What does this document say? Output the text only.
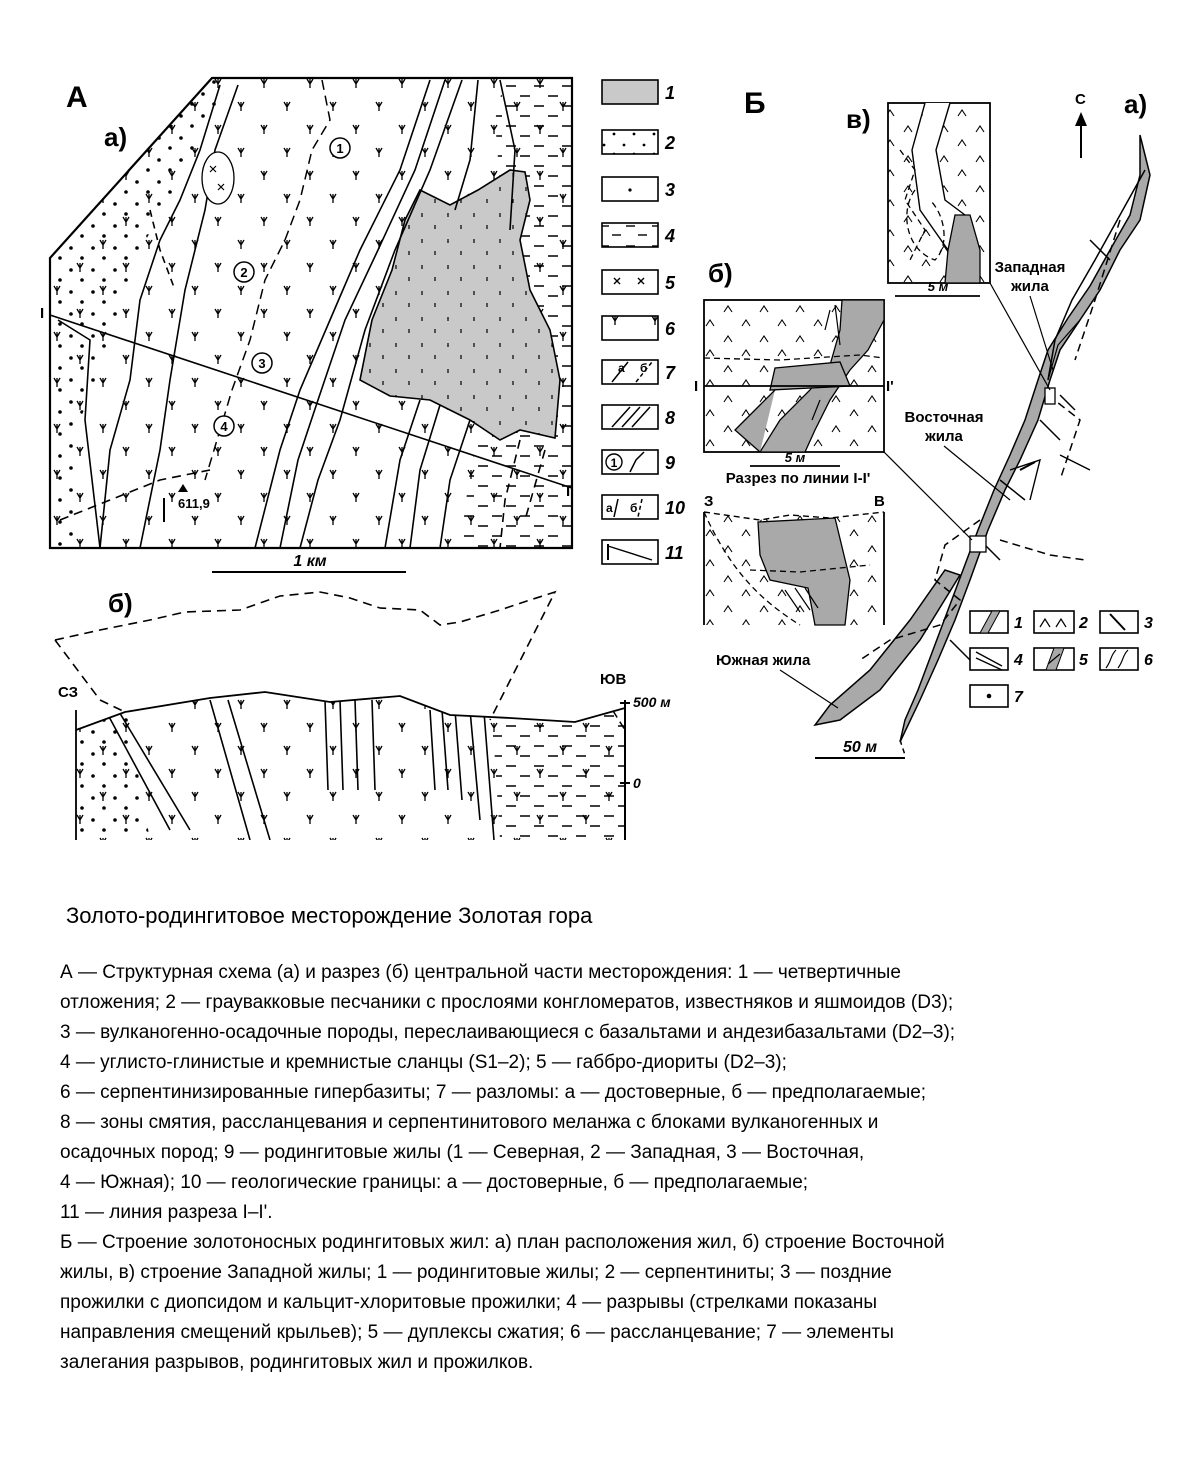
А
а)
I
I'
1
2
3
4
611,9
1 км
а б
1
а б
1
2
3
4
5
6
7
8
9
10
11
б)
СЗ
ЮВ
500 м
0
Б	а)
в)
б)
С
Западная
жила
Восточная
жила
Южная жила
50 м
5 м
I	I'
5 м
Разрез по линии I-I'
З	В
1	2	3
4	5	6
7
Золото-родингитовое месторождение Золотая гора

А — Структурная схема (а) и разрез (б) центральной части месторождения: 1 — четвертичные

отложения; 2 — граувакковые песчаники с прослоями конгломератов, известняков и яшмоидов (D3);

3 — вулканогенно-осадочные породы, переслаивающиеся с базальтами и андезибазальтами (D2–3);

4 — углисто-глинистые и кремнистые сланцы (S1–2); 5 — габбро-диориты (D2–3);

6 — серпентинизированные гипербазиты; 7 — разломы: а — достоверные, б — предполагаемые;

8 — зоны смятия, рассланцевания и серпентинитового меланжа с блоками вулканогенных и

осадочных пород; 9 — родингитовые жилы (1 — Северная, 2 — Западная, 3 — Восточная,

4 — Южная); 10 — геологические границы: а — достоверные, б — предполагаемые;

11 — линия разреза I–I'.

Б — Строение золотоносных родингитовых жил: а) план расположения жил, б) строение Восточной

жилы, в) строение Западной жилы; 1 — родингитовые жилы; 2 — серпентиниты; 3 — поздние

прожилки с диопсидом и кальцит-хлоритовые прожилки; 4 — разрывы (стрелками показаны

направления смещений крыльев); 5 — дуплексы сжатия; 6 — рассланцевание; 7 — элементы

залегания разрывов, родингитовых жил и прожилков.
